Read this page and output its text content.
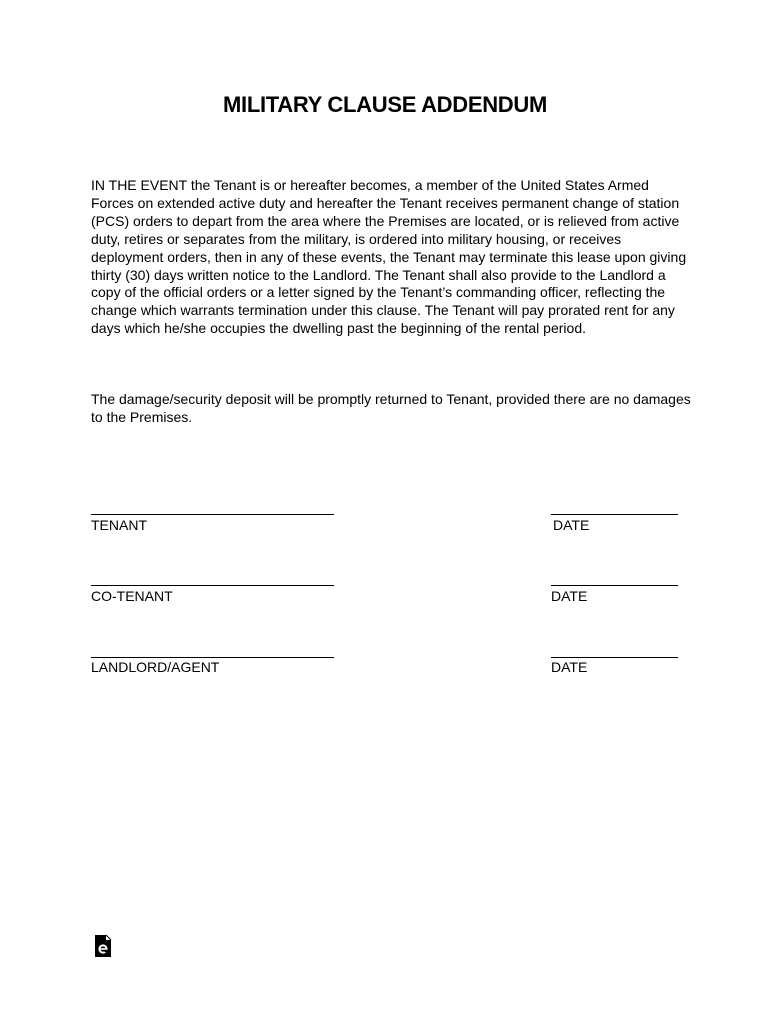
MILITARY CLAUSE ADDENDUM

IN THE EVENT the Tenant is or hereafter becomes, a member of the United States Armed Forces on extended active duty and hereafter the Tenant receives permanent change of station (PCS) orders to depart from the area where the Premises are located, or is relieved from active duty, retires or separates from the military, is ordered into military housing, or receives deployment orders, then in any of these events, the Tenant may terminate this lease upon giving thirty (30) days written notice to the Landlord. The Tenant shall also provide to the Landlord a copy of the official orders or a letter signed by the Tenant’s commanding officer, reflecting the change which warrants termination under this clause. The Tenant will pay prorated rent for any days which he/she occupies the dwelling past the beginning of the rental period.

The damage/security deposit will be promptly returned to Tenant, provided there are no damages to the Premises.

TENANT	DATE
CO-TENANT	DATE
LANDLORD/AGENT	DATE
